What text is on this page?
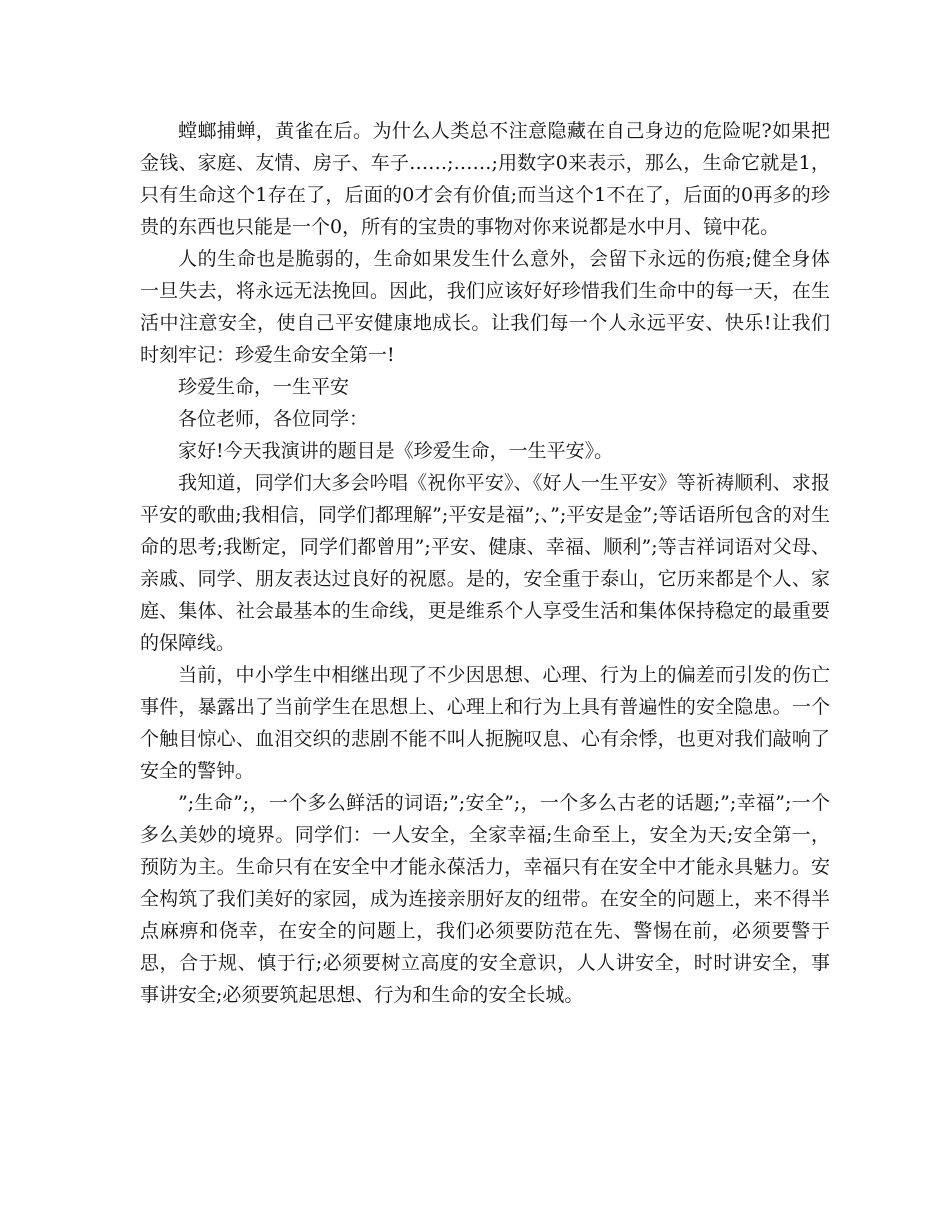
螳螂捕蝉，黄雀在后。为什么人类总不注意隐藏在自己身边的危险呢?如果把金钱、家庭、友情、房子、车子……;……;用数字0来表示，那么，生命它就是1，只有生命这个1存在了，后面的0才会有价值;而当这个1不在了，后面的0再多的珍贵的东西也只能是一个0，所有的宝贵的事物对你来说都是水中月、镜中花。

人的生命也是脆弱的，生命如果发生什么意外，会留下永远的伤痕;健全身体一旦失去，将永远无法挽回。因此，我们应该好好珍惜我们生命中的每一天，在生活中注意安全，使自己平安健康地成长。让我们每一个人永远平安、快乐!让我们时刻牢记：珍爱生命安全第一!

珍爱生命，一生平安

各位老师，各位同学：

家好!今天我演讲的题目是《珍爱生命，一生平安》。

我知道，同学们大多会吟唱《祝你平安》、《好人一生平安》等祈祷顺利、求报平安的歌曲;我相信，同学们都理解”;平安是福”;、”;平安是金”;等话语所包含的对生命的思考;我断定，同学们都曾用”;平安、健康、幸福、顺利”;等吉祥词语对父母、亲戚、同学、朋友表达过良好的祝愿。是的，安全重于泰山，它历来都是个人、家庭、集体、社会最基本的生命线，更是维系个人享受生活和集体保持稳定的最重要的保障线。

当前，中小学生中相继出现了不少因思想、心理、行为上的偏差而引发的伤亡事件，暴露出了当前学生在思想上、心理上和行为上具有普遍性的安全隐患。一个个触目惊心、血泪交织的悲剧不能不叫人扼腕叹息、心有余悸，也更对我们敲响了安全的警钟。

”;生命”;，一个多么鲜活的词语;”;安全”;，一个多么古老的话题;”;幸福”;一个多么美妙的境界。同学们：一人安全，全家幸福;生命至上，安全为天;安全第一，预防为主。生命只有在安全中才能永葆活力，幸福只有在安全中才能永具魅力。安全构筑了我们美好的家园，成为连接亲朋好友的纽带。在安全的问题上，来不得半点麻痹和侥幸，在安全的问题上，我们必须要防范在先、警惕在前，必须要警于思，合于规、慎于行;必须要树立高度的安全意识，人人讲安全，时时讲安全，事事讲安全;必须要筑起思想、行为和生命的安全长城。
